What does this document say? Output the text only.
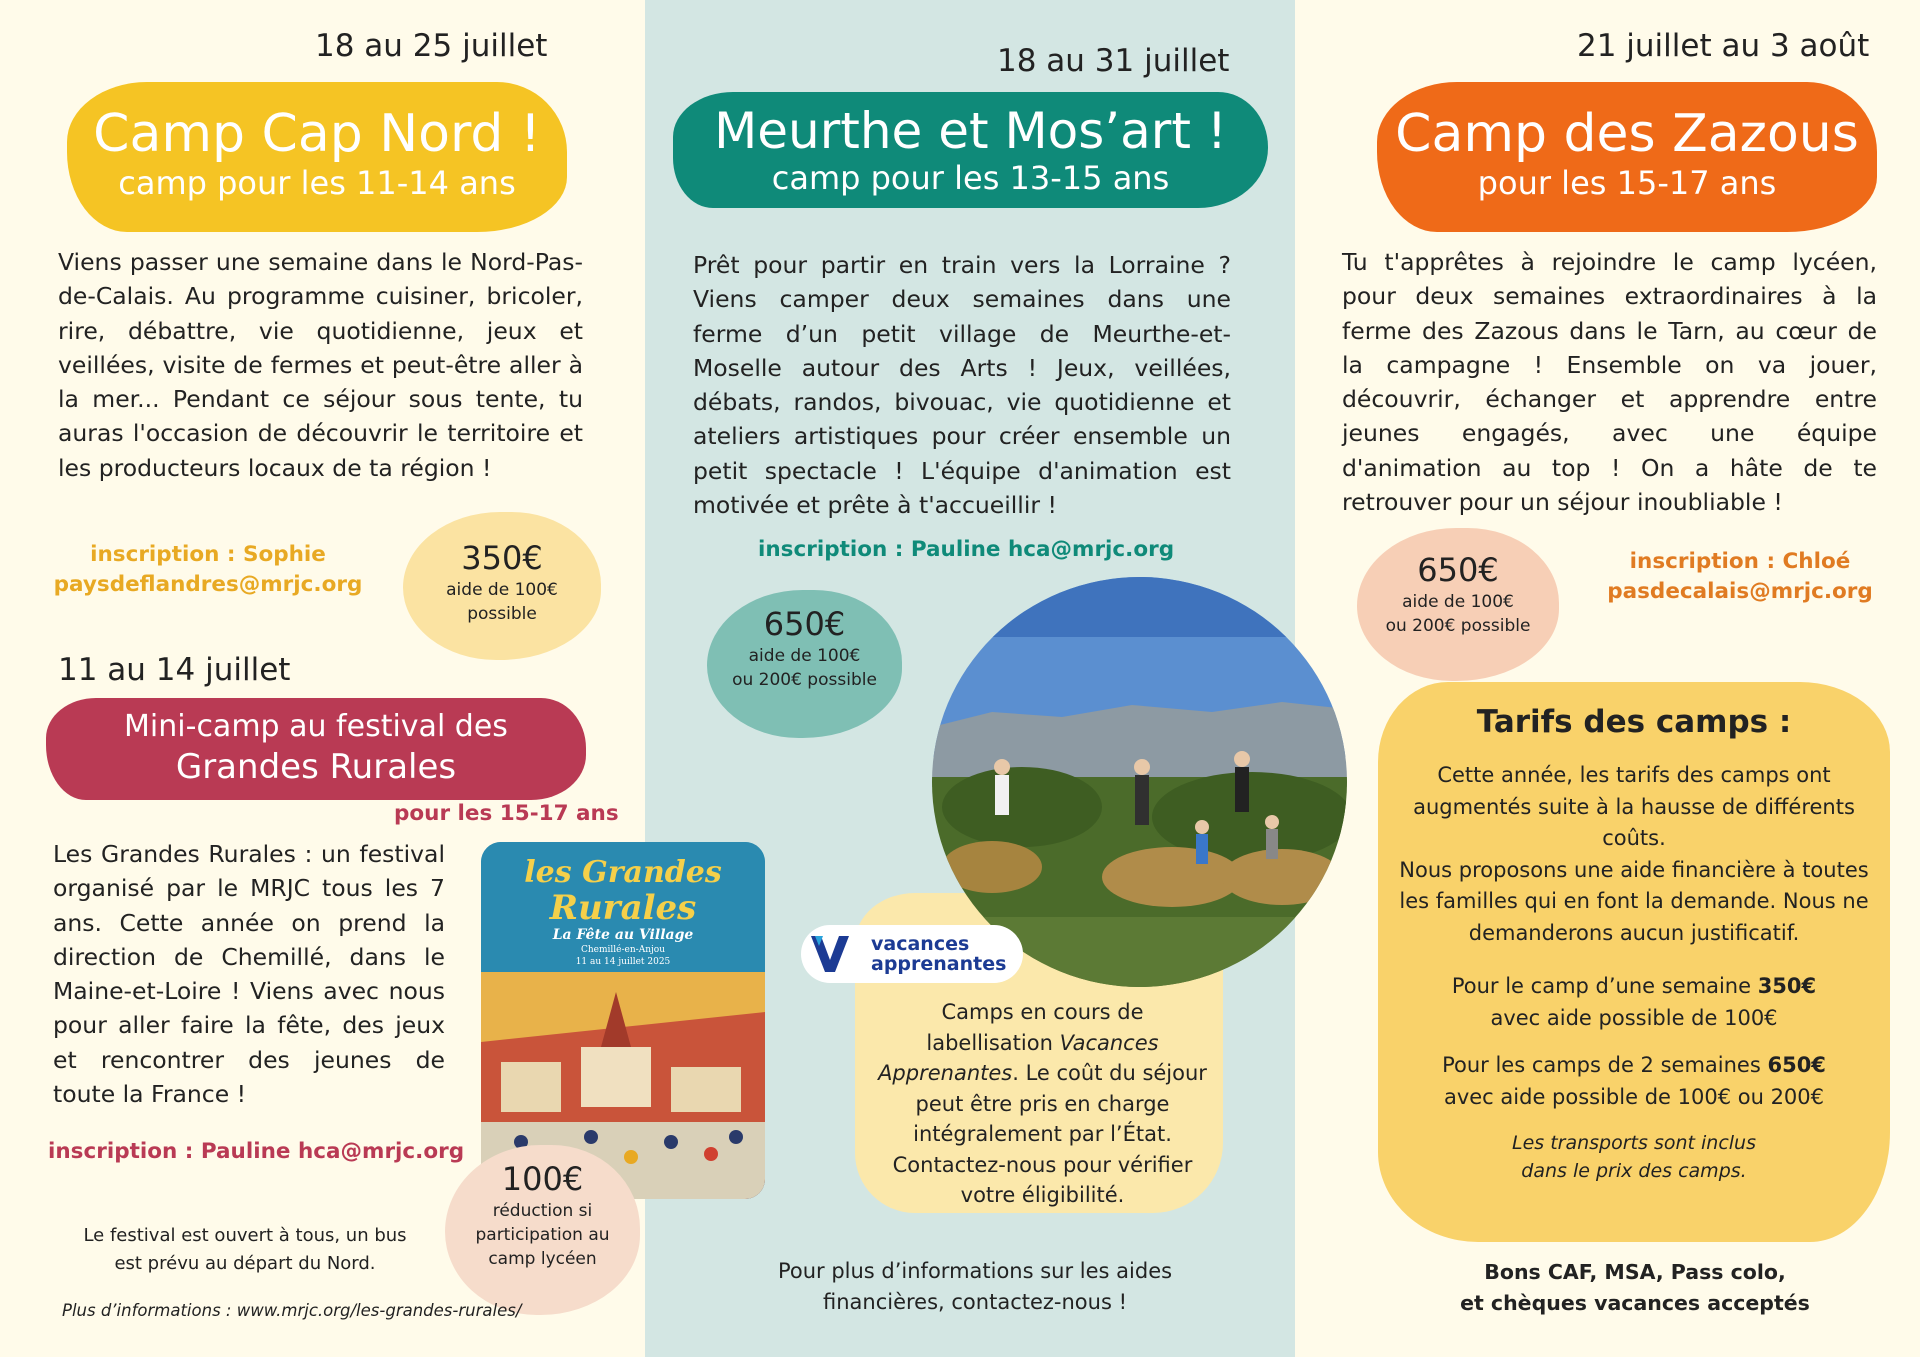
18 au 25 juillet
Camp Cap Nord !
camp pour les 11-14 ans
Viens passer une semaine dans le Nord-Pas-de-Calais. Au programme cuisiner, bricoler, rire, débattre, vie quotidienne, jeux et veillées, visite de fermes et peut-être aller à la mer... Pendant ce séjour sous tente, tu auras l'occasion de découvrir le territoire et les producteurs locaux de ta région !
inscription : Sophie
paysdeflandres@mrjc.org
350€
aide de 100€
possible
11 au 14 juillet
Mini-camp au festival des
Grandes Rurales
pour les 15-17 ans
Les Grandes Rurales : un festival organisé par le MRJC tous les 7 ans. Cette année on prend la direction de Chemillé, dans le Maine-et-Loire ! Viens avec nous pour aller faire la fête, des jeux et rencontrer des jeunes de toute la France !
inscription : Pauline hca@mrjc.org
les Grandes
Rurales
La Fête au Village
Chemillé-en-Anjou
11 au 14 juillet 2025
100€
réduction si
participation au
camp lycéen
Le festival est ouvert à tous, un bus
est prévu au départ du Nord.
Plus d’informations : www.mrjc.org/les-grandes-rurales/
18 au 31 juillet
Meurthe et Mos’art !
camp pour les 13-15 ans
Prêt pour partir en train vers la Lorraine ? Viens camper deux semaines dans une ferme d’un petit village de Meurthe-et-Moselle autour des Arts ! Jeux, veillées, débats, randos, bivouac, vie quotidienne et ateliers artistiques pour créer ensemble un petit spectacle ! L'équipe d'animation est motivée et prête à t'accueillir !
inscription : Pauline hca@mrjc.org
650€
aide de 100€
ou 200€ possible
vacances
apprenantes
Camps en cours de labellisation Vacances Apprenantes. Le coût du séjour peut être pris en charge intégralement par l’État. Contactez-nous pour vérifier votre éligibilité.
Pour plus d’informations sur les aides
financières, contactez-nous !
21 juillet au 3 août
Camp des Zazous
pour les 15-17 ans
Tu t'apprêtes à rejoindre le camp lycéen, pour deux semaines extraordinaires à la ferme des Zazous dans le Tarn, au cœur de la campagne ! Ensemble on va jouer, découvrir, échanger et apprendre entre jeunes engagés, avec une équipe d'animation au top ! On a hâte de te retrouver pour un séjour inoubliable !
650€
aide de 100€
ou 200€ possible
inscription : Chloé
pasdecalais@mrjc.org
Tarifs des camps :

Cette année, les tarifs des camps ont augmentés suite à la hausse de différents coûts.

Nous proposons une aide financière à toutes les familles qui en font la demande. Nous ne demanderons aucun justificatif.

Pour le camp d’une semaine 350€
avec aide possible de 100€

Pour les camps de 2 semaines 650€
avec aide possible de 100€ ou 200€

Les transports sont inclus
dans le prix des camps.

Bons CAF, MSA, Pass colo,
et chèques vacances acceptés
